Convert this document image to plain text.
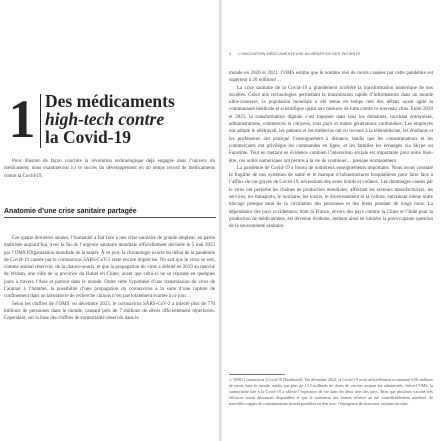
1 Des médicaments
high-tech contre
la Covid-19
Pour illustrer de façon concrète la révolution technologique déjà engagée dans l’univers du médicament, nous examinerons ici le succès du développement en un temps record de médicaments contre la Covid-19.
Anatomie d’une crise sanitaire partagée

Ces quatre dernières années, l’humanité a fait face à une crise sanitaire de grande ampleur, en partie maîtrisée aujourd’hui, avec la fin de l’urgence sanitaire mondiale officiellement déclarée le 5 mai 2023 par l’OMS (Organisation mondiale de la santé). À ce jour, la chronologie exacte du début de la pandémie de Covid-19 causée par le coronavirus SARS-CoV-2 reste encore imprécise. On sait que le virus se sert, comme animal réservoir, de la chauve-souris, et que la propagation du virus a débuté en 2019 au marché de Wuhan, une ville de la province du Hubei en Chine, avant que celui-ci ne se répande en quelques jours à travers l’Asie et partout dans le monde. Outre cette hypothèse d’une transmission du virus de l’animal à l’homme, la possibilité d’une propagation du coronavirus à la suite d’une rupture de confinement dans un laboratoire de recherche chinois n’est pas totalement écartée à ce jour…

Selon les chiffres de l’OMS, en décembre 2023, le coronavirus SARS-CoV-2 a infecté plus de 770 millions de personnes dans le monde, causant près de 7 millions de décès officiellement répertoriés. Cependant, sur la base des chiffres de surmortalité observés dans le

4 L’INNOVATION MÉDICAMENTEUSE AU BÉNÉFICE DES PATIENTS

monde en 2020 et 2021, l’OMS estime que le nombre réel de morts causées par cette pandémie est supérieur à 20 millions¹…

La crise sanitaire de la Covid-19 a grandement accéléré la transformation numérique de nos sociétés. Grâce aux technologies permettant la transmission rapide d’informations dans un monde ultra-connecté, la population mondiale a été tenue en temps réel des débats ayant agité la communauté médicale et scientifique quant aux mesures de lutte contre ce nouveau virus. Entre 2020 et 2021, la transformation digitale s’est imposée dans tous les domaines, touchant entreprises, administrations, commerces et citoyens, tous pays et toutes générations confondues. Les employés ont adopté le télétravail, les patients et les médecins ont eu recours à la télémédecine, les étudiants et les professeurs ont pratiqué l’enseignement à distance, tandis que les consommateurs et les commerçants ont privilégié les commandes en ligne, et les familles les échanges via Skype ou Facetime. Tout en mettant en évidence combien l’interaction sociale est importante pour notre bien-être, ces outils numériques ont permis à la vie de continuer… presque normalement.

La pandémie de Covid-19 a fourni de nombreux enseignements importants. Nous avons constaté la fragilité de nos systèmes de santé et le manque d’infrastructures hospitalières pour faire face à l’afflux de cas graves de Covid-19, nécessitant des soins lourds et coûteux. Les dommages causés par le virus ont perturbé les chaînes de production mondiales, affectant les secteurs manufacturiers, les services, les transports, le tourisme, les loisirs, le divertissement et la culture, entraînant même notre blocage presque total de la circulation des personnes et des biens pendant de longs mois. La dépendance des pays occidentaux, dont la France, envers des pays comme la Chine et l’Inde pour la production de médicaments, est devenue évidente, mettant ainsi en lumière la préoccupante question de la souveraineté sanitaire.

1. WHO Coronavirus (Covid-19 Dashboard). Fin décembre 2023, la Covid-19 avait officiellement occasionné 6,96 millions de morts dans le monde, tandis que plus de 13,5 milliards de doses de vaccins avaient été administrés. Selon l’OMS, la surmortalité liée à la Covid-19 a affecté l’espérance de vie dans les deux tiers des pays. Bien que plusieurs vaccins très efficaces soient désormais disponibles et que le traitement des formes sévères ait été considérablement amélioré, de nouvelles vagues de contaminations restent possibles en lien avec l’émergence de nouveaux variants du virus.
